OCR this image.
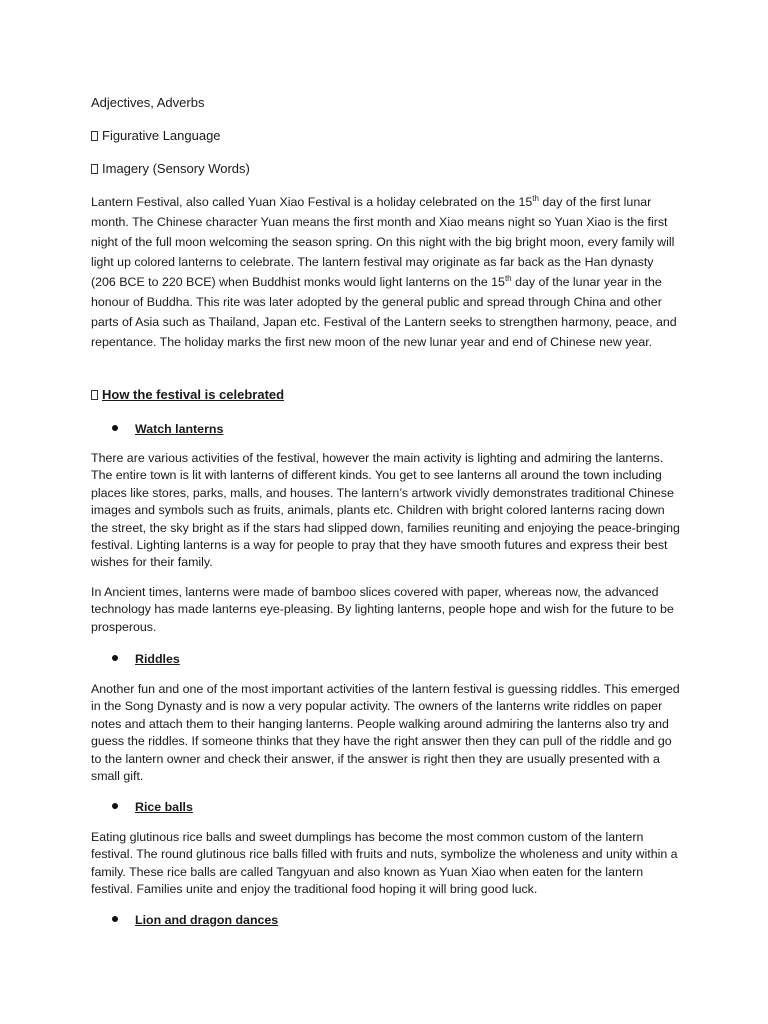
Adjectives, Adverbs
Figurative Language
Imagery (Sensory Words)

Lantern Festival, also called Yuan Xiao Festival is a holiday celebrated on the 15th day of the first lunar month. The Chinese character Yuan means the first month and Xiao means night so Yuan Xiao is the first night of the full moon welcoming the season spring. On this night with the big bright moon, every family will light up colored lanterns to celebrate. The lantern festival may originate as far back as the Han dynasty (206 BCE to 220 BCE) when Buddhist monks would light lanterns on the 15th day of the lunar year in the honour of Buddha. This rite was later adopted by the general public and spread through China and other parts of Asia such as Thailand, Japan etc. Festival of the Lantern seeks to strengthen harmony, peace, and repentance. The holiday marks the first new moon of the new lunar year and end of Chinese new year.

How the festival is celebrated
Watch lanterns

There are various activities of the festival, however the main activity is lighting and admiring the lanterns. The entire town is lit with lanterns of different kinds. You get to see lanterns all around the town including places like stores, parks, malls, and houses. The lantern’s artwork vividly demonstrates traditional Chinese images and symbols such as fruits, animals, plants etc. Children with bright colored lanterns racing down the street, the sky bright as if the stars had slipped down, families reuniting and enjoying the peace-bringing festival. Lighting lanterns is a way for people to pray that they have smooth futures and express their best wishes for their family.

In Ancient times, lanterns were made of bamboo slices covered with paper, whereas now, the advanced technology has made lanterns eye-pleasing. By lighting lanterns, people hope and wish for the future to be prosperous.

Riddles

Another fun and one of the most important activities of the lantern festival is guessing riddles. This emerged in the Song Dynasty and is now a very popular activity. The owners of the lanterns write riddles on paper notes and attach them to their hanging lanterns. People walking around admiring the lanterns also try and guess the riddles. If someone thinks that they have the right answer then they can pull of the riddle and go to the lantern owner and check their answer, if the answer is right then they are usually presented with a small gift.

Rice balls

Eating glutinous rice balls and sweet dumplings has become the most common custom of the lantern festival. The round glutinous rice balls filled with fruits and nuts, symbolize the wholeness and unity within a family. These rice balls are called Tangyuan and also known as Yuan Xiao when eaten for the lantern festival. Families unite and enjoy the traditional food hoping it will bring good luck.

Lion and dragon dances
